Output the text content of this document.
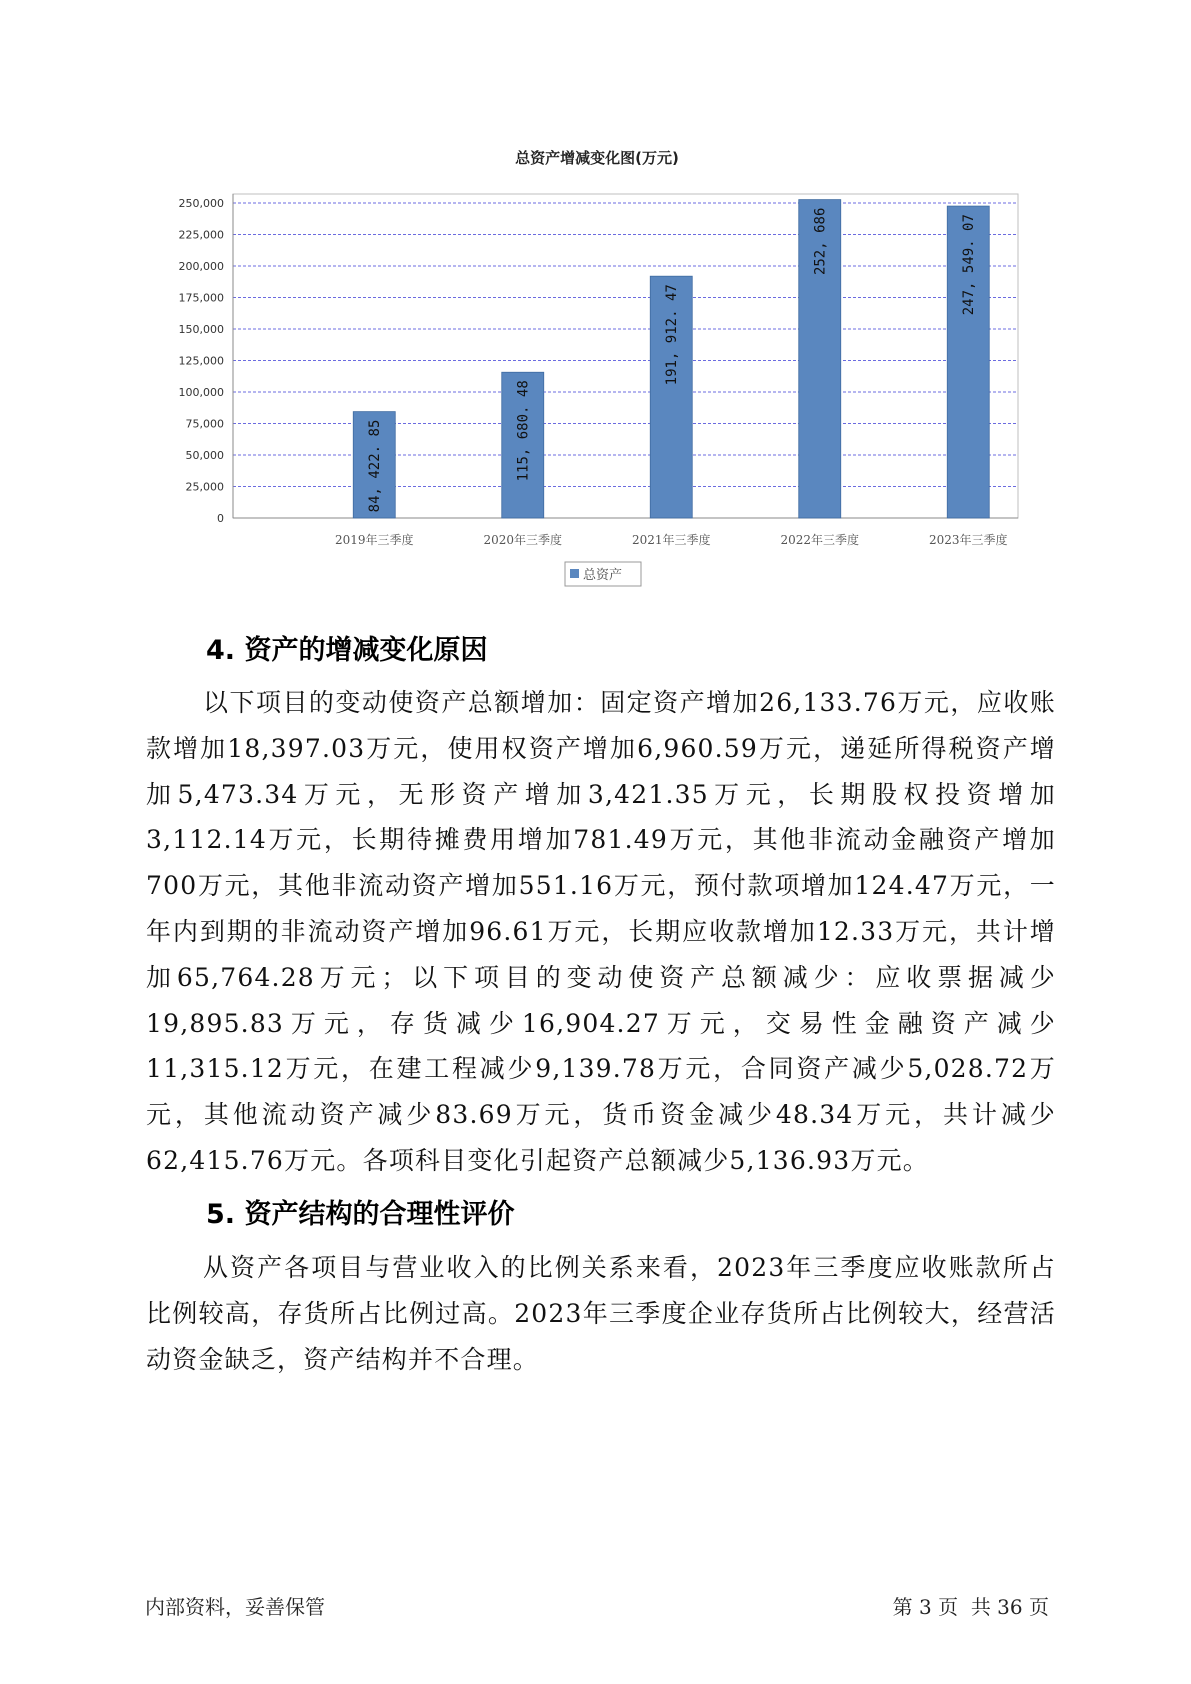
总资产增减变化图(万元)
0
25,000
50,000
75,000
100,000
125,000
150,000
175,000
200,000
225,000
250,000
2019年三季度
84, 422. 85
2020年三季度
115, 680. 48
2021年三季度
191, 912. 47
2022年三季度
252, 686
2023年三季度
247, 549. 07
总资产
4. 资产的增减变化原因

以下项目的变动使资产总额增加：固定资产增加26,133.76万元，应收账款增加18,397.03万元，使用权资产增加6,960.59万元，递延所得税资产增加5,473.34万元，无形资产增加3,421.35万元，长期股权投资增加3,112.14万元，长期待摊费用增加781.49万元，其他非流动金融资产增加700万元，其他非流动资产增加551.16万元，预付款项增加124.47万元，一年内到期的非流动资产增加96.61万元，长期应收款增加12.33万元，共计增加65,764.28万元；以下项目的变动使资产总额减少：应收票据减少19,895.83万元，存货减少16,904.27万元，交易性金融资产减少11,315.12万元，在建工程减少9,139.78万元，合同资产减少5,028.72万元，其他流动资产减少83.69万元，货币资金减少48.34万元，共计减少62,415.76万元。各项科目变化引起资产总额减少5,136.93万元。

5. 资产结构的合理性评价

从资产各项目与营业收入的比例关系来看，2023年三季度应收账款所占比例较高，存货所占比例过高。2023年三季度企业存货所占比例较大，经营活动资金缺乏，资产结构并不合理。

内部资料，妥善保管	第 3 页  共 36 页
